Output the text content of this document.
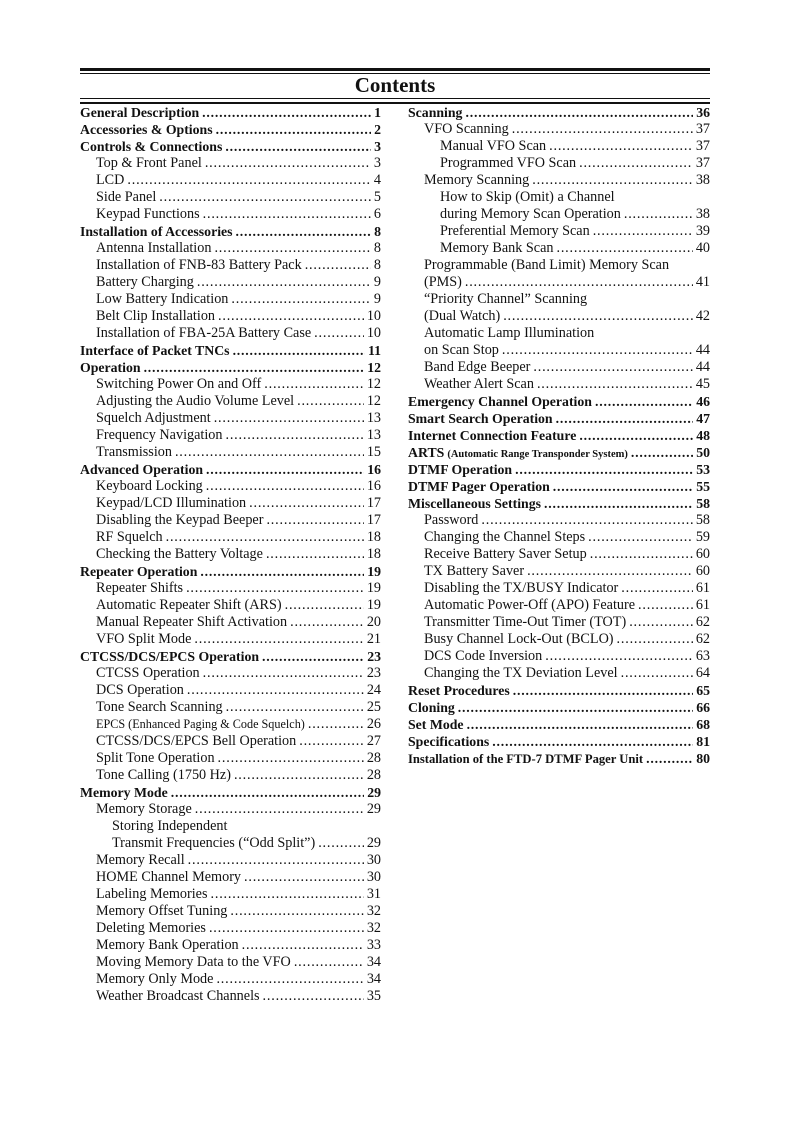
Contents
General Description .....	1
Accessories & Options .....	2
Controls & Connections .....	3
Top & Front Panel .....	3
LCD .....	4
Side Panel .....	5
Keypad Functions .....	6
Installation of Accessories .....	8
Antenna Installation .....	8
Installation of FNB-83 Battery Pack .....	8
Battery Charging .....	9
Low Battery Indication .....	9
Belt Clip Installation .....	10
Installation of FBA-25A Battery Case .....	10
Interface of Packet TNCs .....	11
Operation .....	12
Switching Power On and Off .....	12
Adjusting the Audio Volume Level .....	12
Squelch Adjustment .....	13
Frequency Navigation .....	13
Transmission .....	15
Advanced Operation .....	16
Keyboard Locking .....	16
Keypad/LCD Illumination .....	17
Disabling the Keypad Beeper .....	17
RF Squelch .....	18
Checking the Battery Voltage .....	18
Repeater Operation .....	19
Repeater Shifts .....	19
Automatic Repeater Shift (ARS) .....	19
Manual Repeater Shift Activation .....	20
VFO Split Mode .....	21
CTCSS/DCS/EPCS Operation .....	23
CTCSS Operation .....	23
DCS Operation .....	24
Tone Search Scanning .....	25
EPCS (Enhanced Paging & Code Squelch) .....	26
CTCSS/DCS/EPCS Bell Operation .....	27
Split Tone Operation .....	28
Tone Calling (1750 Hz) .....	28
Memory Mode .....	29
Memory Storage .....	29
Storing Independent
Transmit Frequencies (“Odd Split”) .....	29
Memory Recall .....	30
HOME Channel Memory .....	30
Labeling Memories .....	31
Memory Offset Tuning .....	32
Deleting Memories .....	32
Memory Bank Operation .....	33
Moving Memory Data to the VFO .....	34
Memory Only Mode .....	34
Weather Broadcast Channels .....	35
Scanning .....	36
VFO Scanning .....	37
Manual VFO Scan .....	37
Programmed VFO Scan .....	37
Memory Scanning .....	38
How to Skip (Omit) a Channel
during Memory Scan Operation .....	38
Preferential Memory Scan .....	39
Memory Bank Scan .....	40
Programmable (Band Limit) Memory Scan
(PMS) .....	41
“Priority Channel” Scanning
(Dual Watch) .....	42
Automatic Lamp Illumination
on Scan Stop .....	44
Band Edge Beeper .....	44
Weather Alert Scan .....	45
Emergency Channel Operation .....	46
Smart Search Operation .....	47
Internet Connection Feature .....	48
ARTS (Automatic Range Transponder System) .....	50
DTMF Operation .....	53
DTMF Pager Operation .....	55
Miscellaneous Settings .....	58
Password .....	58
Changing the Channel Steps .....	59
Receive Battery Saver Setup .....	60
TX Battery Saver .....	60
Disabling the TX/BUSY Indicator .....	61
Automatic Power-Off (APO) Feature .....	61
Transmitter Time-Out Timer (TOT) .....	62
Busy Channel Lock-Out (BCLO) .....	62
DCS Code Inversion .....	63
Changing the TX Deviation Level .....	64
Reset Procedures .....	65
Cloning .....	66
Set Mode .....	68
Specifications .....	81
Installation of the FTD-7 DTMF Pager Unit .....	80
